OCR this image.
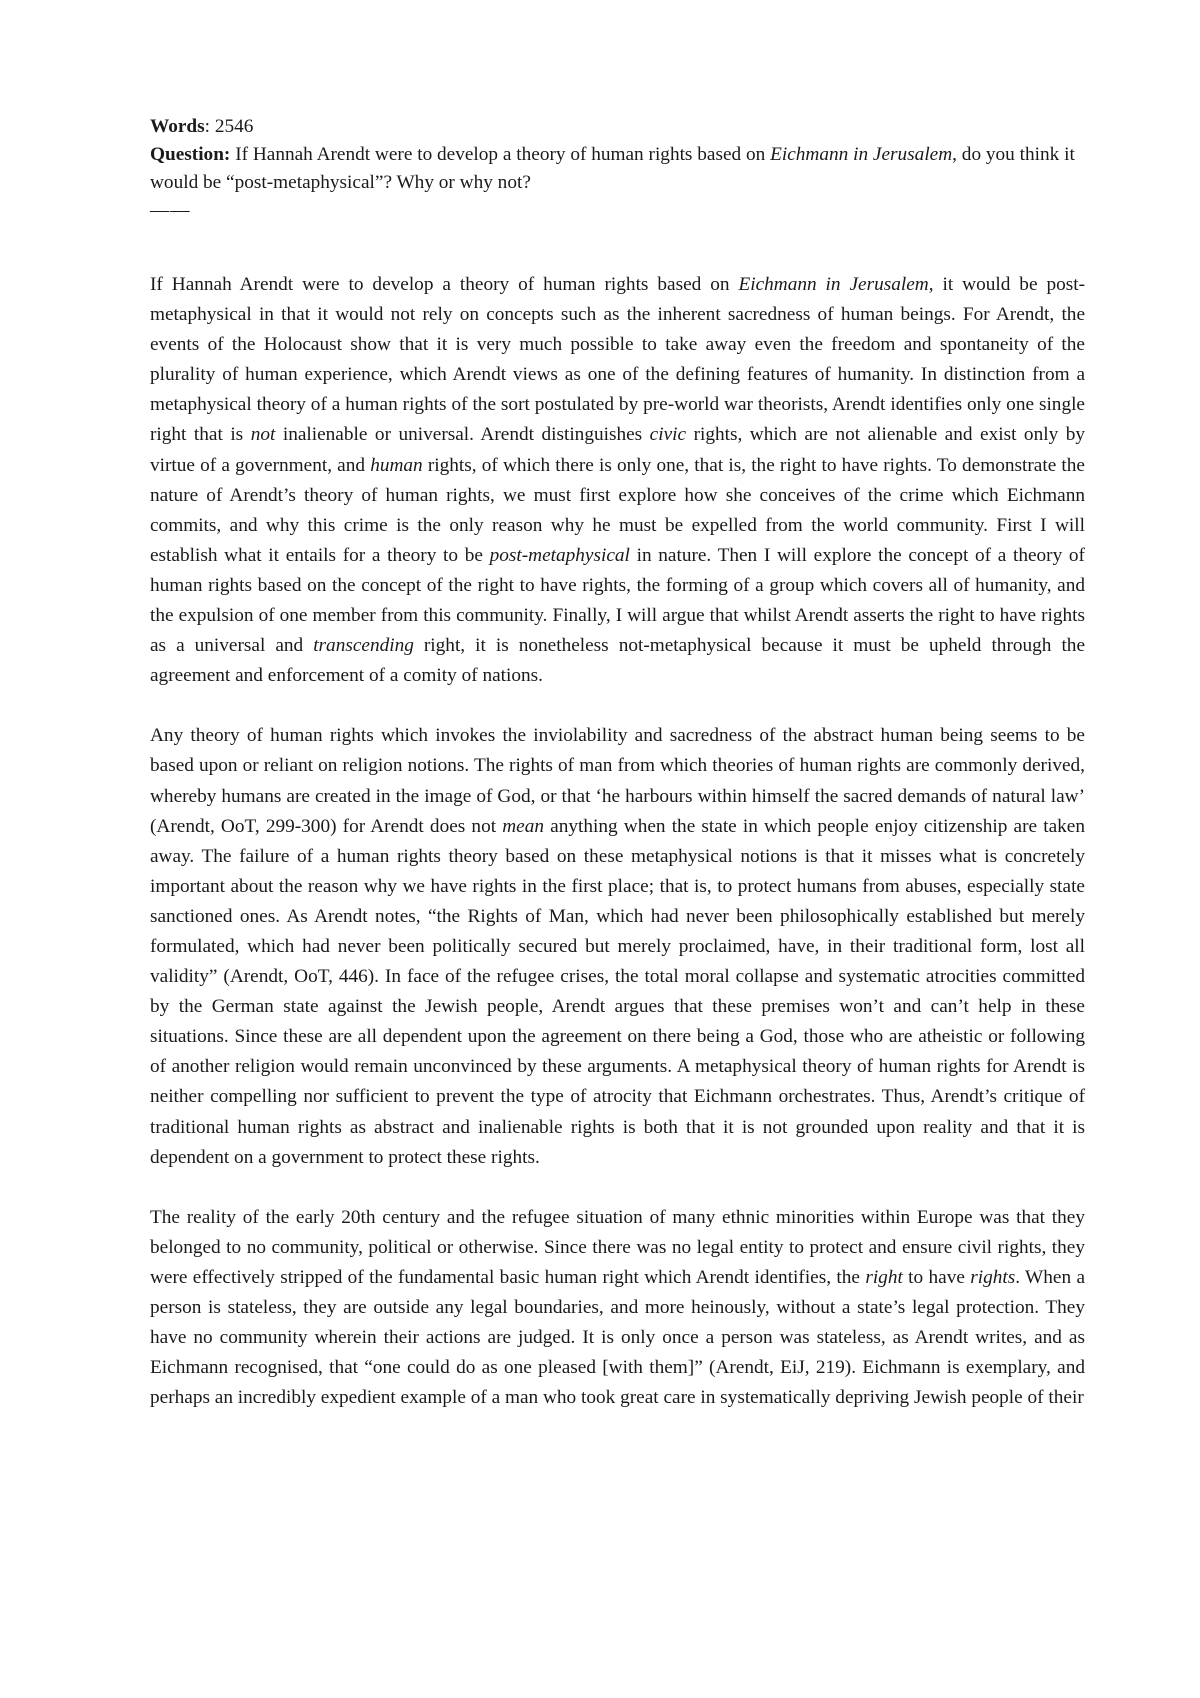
Words: 2546

Question: If Hannah Arendt were to develop a theory of human rights based on Eichmann in Jerusalem, do you think it would be “post-metaphysical”? Why or why not?

——

If Hannah Arendt were to develop a theory of human rights based on Eichmann in Jerusalem, it would be post-metaphysical in that it would not rely on concepts such as the inherent sacredness of human beings. For Arendt, the events of the Holocaust show that it is very much possible to take away even the freedom and spontaneity of the plurality of human experience, which Arendt views as one of the defining features of humanity. In distinction from a metaphysical theory of a human rights of the sort postulated by pre-world war theorists, Arendt identifies only one single right that is not inalienable or universal. Arendt distinguishes civic rights, which are not alienable and exist only by virtue of a government, and human rights, of which there is only one, that is, the right to have rights. To demonstrate the nature of Arendt’s theory of human rights, we must first explore how she conceives of the crime which Eichmann commits, and why this crime is the only reason why he must be expelled from the world community. First I will establish what it entails for a theory to be post-metaphysical in nature. Then I will explore the concept of a theory of human rights based on the concept of the right to have rights, the forming of a group which covers all of humanity, and the expulsion of one member from this community. Finally, I will argue that whilst Arendt asserts the right to have rights as a universal and transcending right, it is nonetheless not-metaphysical because it must be upheld through the agreement and enforcement of a comity of nations.

Any theory of human rights which invokes the inviolability and sacredness of the abstract human being seems to be based upon or reliant on religion notions. The rights of man from which theories of human rights are commonly derived, whereby humans are created in the image of God, or that ‘he harbours within himself the sacred demands of natural law’ (Arendt, OoT, 299-300) for Arendt does not mean anything when the state in which people enjoy citizenship are taken away. The failure of a human rights theory based on these metaphysical notions is that it misses what is concretely important about the reason why we have rights in the first place; that is, to protect humans from abuses, especially state sanctioned ones. As Arendt notes, “the Rights of Man, which had never been philosophically established but merely formulated, which had never been politically secured but merely proclaimed, have, in their traditional form, lost all validity” (Arendt, OoT, 446). In face of the refugee crises, the total moral collapse and systematic atrocities committed by the German state against the Jewish people, Arendt argues that these premises won’t and can’t help in these situations. Since these are all dependent upon the agreement on there being a God, those who are atheistic or following of another religion would remain unconvinced by these arguments. A metaphysical theory of human rights for Arendt is neither compelling nor sufficient to prevent the type of atrocity that Eichmann orchestrates. Thus, Arendt’s critique of traditional human rights as abstract and inalienable rights is both that it is not grounded upon reality and that it is dependent on a government to protect these rights.

The reality of the early 20th century and the refugee situation of many ethnic minorities within Europe was that they belonged to no community, political or otherwise. Since there was no legal entity to protect and ensure civil rights, they were effectively stripped of the fundamental basic human right which Arendt identifies, the right to have rights. When a person is stateless, they are outside any legal boundaries, and more heinously, without a state’s legal protection. They have no community wherein their actions are judged. It is only once a person was stateless, as Arendt writes, and as Eichmann recognised, that “one could do as one pleased [with them]” (Arendt, EiJ, 219). Eichmann is exemplary, and perhaps an incredibly expedient example of a man who took great care in systematically depriving Jewish people of their
